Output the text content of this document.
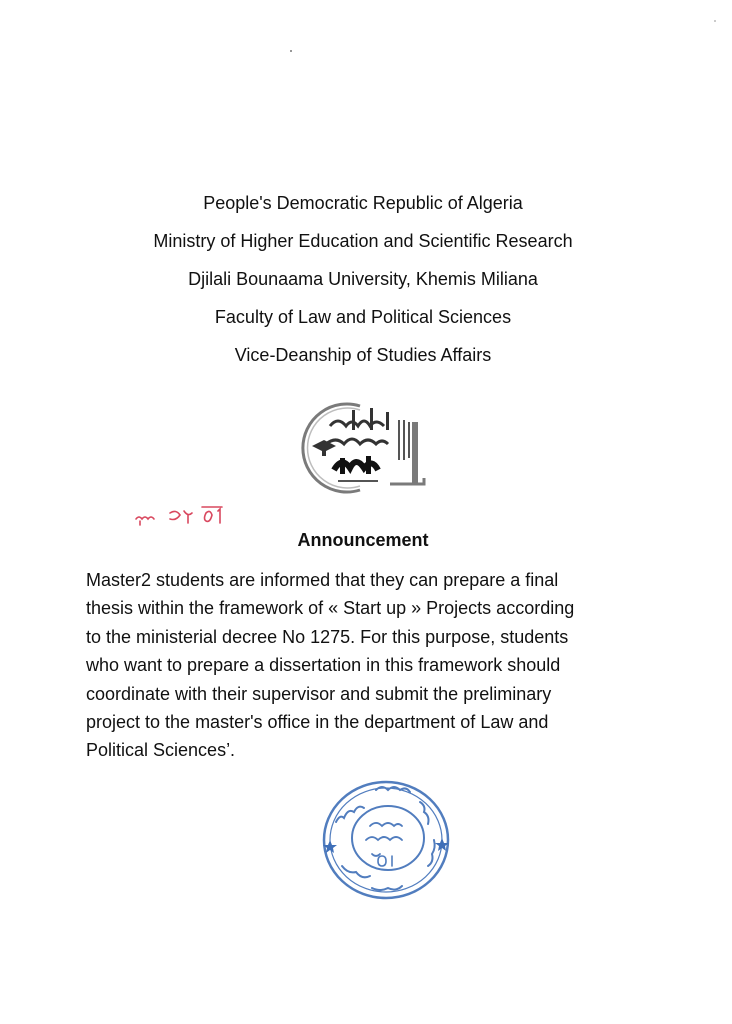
People's Democratic Republic of Algeria
Ministry of Higher Education and Scientific Research
Djilali Bounaama University, Khemis Miliana
Faculty of Law and Political Sciences
Vice-Deanship of Studies Affairs
Announcement
Master2 students are informed that they can prepare a final
thesis within the framework of « Start up » Projects according
to the ministerial decree No 1275. For this purpose, students
who want to prepare a dissertation in this framework should
coordinate with their supervisor and submit the preliminary
project to the master's office in the department of Law and
Political Sciences’.
